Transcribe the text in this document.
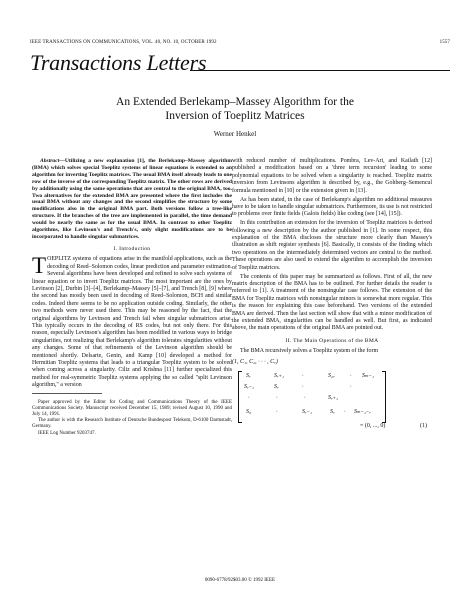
IEEE TRANSACTIONS ON COMMUNICATIONS, VOL. 40, NO. 10, OCTOBER 1992	1557
Transactions Letters
An Extended Berlekamp–Massey Algorithm for the
Inversion of Toeplitz Matrices
Werner Henkel

Abstract—Utilizing a new explanation [1], the Berlekamp–Massey algorithm (BMA) which solves special Toeplitz systems of linear equations is extended to an algorithm for inverting Toeplitz matrices. The usual BMA itself already leads to one row of the inverse of the corresponding Toeplitz matrix. The other rows are derived by additionally using the same operations that are central to the original BMA, too. Two alternatives for the extended BMA are presented where the first includes the usual BMA without any changes and the second simplifies the structure by some modifications also in the original BMA part. Both versions follow a tree-like structure. If the branches of the tree are implemented in parallel, the time demand would be nearly the same as for the usual BMA. In contrast to other Toeplitz algorithms, like Levinson's and Trench's, only slight modifications are to be incorporated to handle singular submatrices.

I. Introduction

TOEPLITZ systems of equations arise in the manifold applications, such as the decoding of Reed–Solomon codes, linear prediction and parameter estimation. Several algorithms have been developed and refined to solve such systems of linear equation or to invert Toeplitz matrices. The most important are the ones by Levinson [2], Durbin [3]–[4], Berlekamp–Massey [5]–[7], and Trench [8], [9] where the second has mostly been used in decoding of Reed–Solomon, BCH and similar codes. Indeed there seems to be no application outside coding. Similarly, the other two methods were never used there. This may be reasoned by the fact, that the original algorithms by Levinson and Trench fail when singular submatrices arise. This typically occurs in the decoding of RS codes, but not only there. For this reason, especially Levinson's algorithm has been modified in various ways to bridge singularities, not realizing that Berlekamp's algorithm tolerates singularities without any changes. Some of that refinements of the Levinson algorithm should be mentioned shortly. Delsarte, Genin, and Kamp [10] developed a method for Hermitian Toeplitz systems that leads to a triangular Toeplitz system to be solved when coming across a singularity. Ciliz and Krishna [11] further specialized this method for real-symmetric Toeplitz systems applying the so called "split Levinson algorithm," a version

Paper approved by the Editor for Coding and Communications Theory of the IEEE Communications Society. Manuscript received December 15, 1989; revised August 10, 1990 and July 14, 1991.

The author is with the Research Institute of Deutsche Bundespost Telekom, D-6100 Darmstadt, Germany.

IEEE Log Number 9203747.

with reduced number of multiplications. Pombra, Lev-Ari, and Kailath [12] published a modification based on a 'three term recursion' leading to some polynomial equations to be solved when a singularity is reached. Toeplitz matrix inversion from Levinsons algorithm is described by, e.g., the Gohberg–Semencul formula mentioned in [10] or the extension given in [13].

As has been stated, in the case of Berlekamp's algorithm no additional measures have to be taken to handle singular submatrices. Furthermore, its use is not restricted to problems over finite fields (Galois fields) like coding (see [14], [15]).

In this contribution an extension for the inversion of Toeplitz matrices is derived following a new description by the author published in [1]. In some respect, this explanation of the BMA discloses the structure more clearly than Massey's illustration as shift register synthesis [6]. Basically, it consists of the finding which two operations on the intermediately determined vectors are central to the method. These operations are also used to extend the algorithm to accomplish the inversion of Toeplitz matrices.

The contents of this paper may be summarized as follows. First of all, the new matrix description of the BMA has to be outlined. For further details the reader is referred to [1]. A treatment of the nonsingular case follows. The extension of the BMA for Toeplitz matrices with nonsingular minors is somewhat more regular. This is the reason for explaining this case beforehand. Two versions of the extended BMA are derived. Then the last section will show that with a minor modification of the extended BMA, singularities can be handled as well. But first, as indicated above, the main operations of the original BMA are pointed out.

II. The Main Operations of the BMA

The BMA recursively solves a Toeplitz system of the form

(1, C₁, C₂, · · · , Cᵥ)
Sᵥ	Sᵥ₊₁	·	S₂ᵥ	· Sₘ₋₁
Sᵥ₋₁	Sᵥ	·	·
·	·	·	Sᵥ₊₁
S₀	·	Sᵥ₋₁	Sᵥ · Sₘ₋₁₋ᵥ
= (0, ..., 0)	(1)
0090-6778/92$03.00 © 1992 IEEE
